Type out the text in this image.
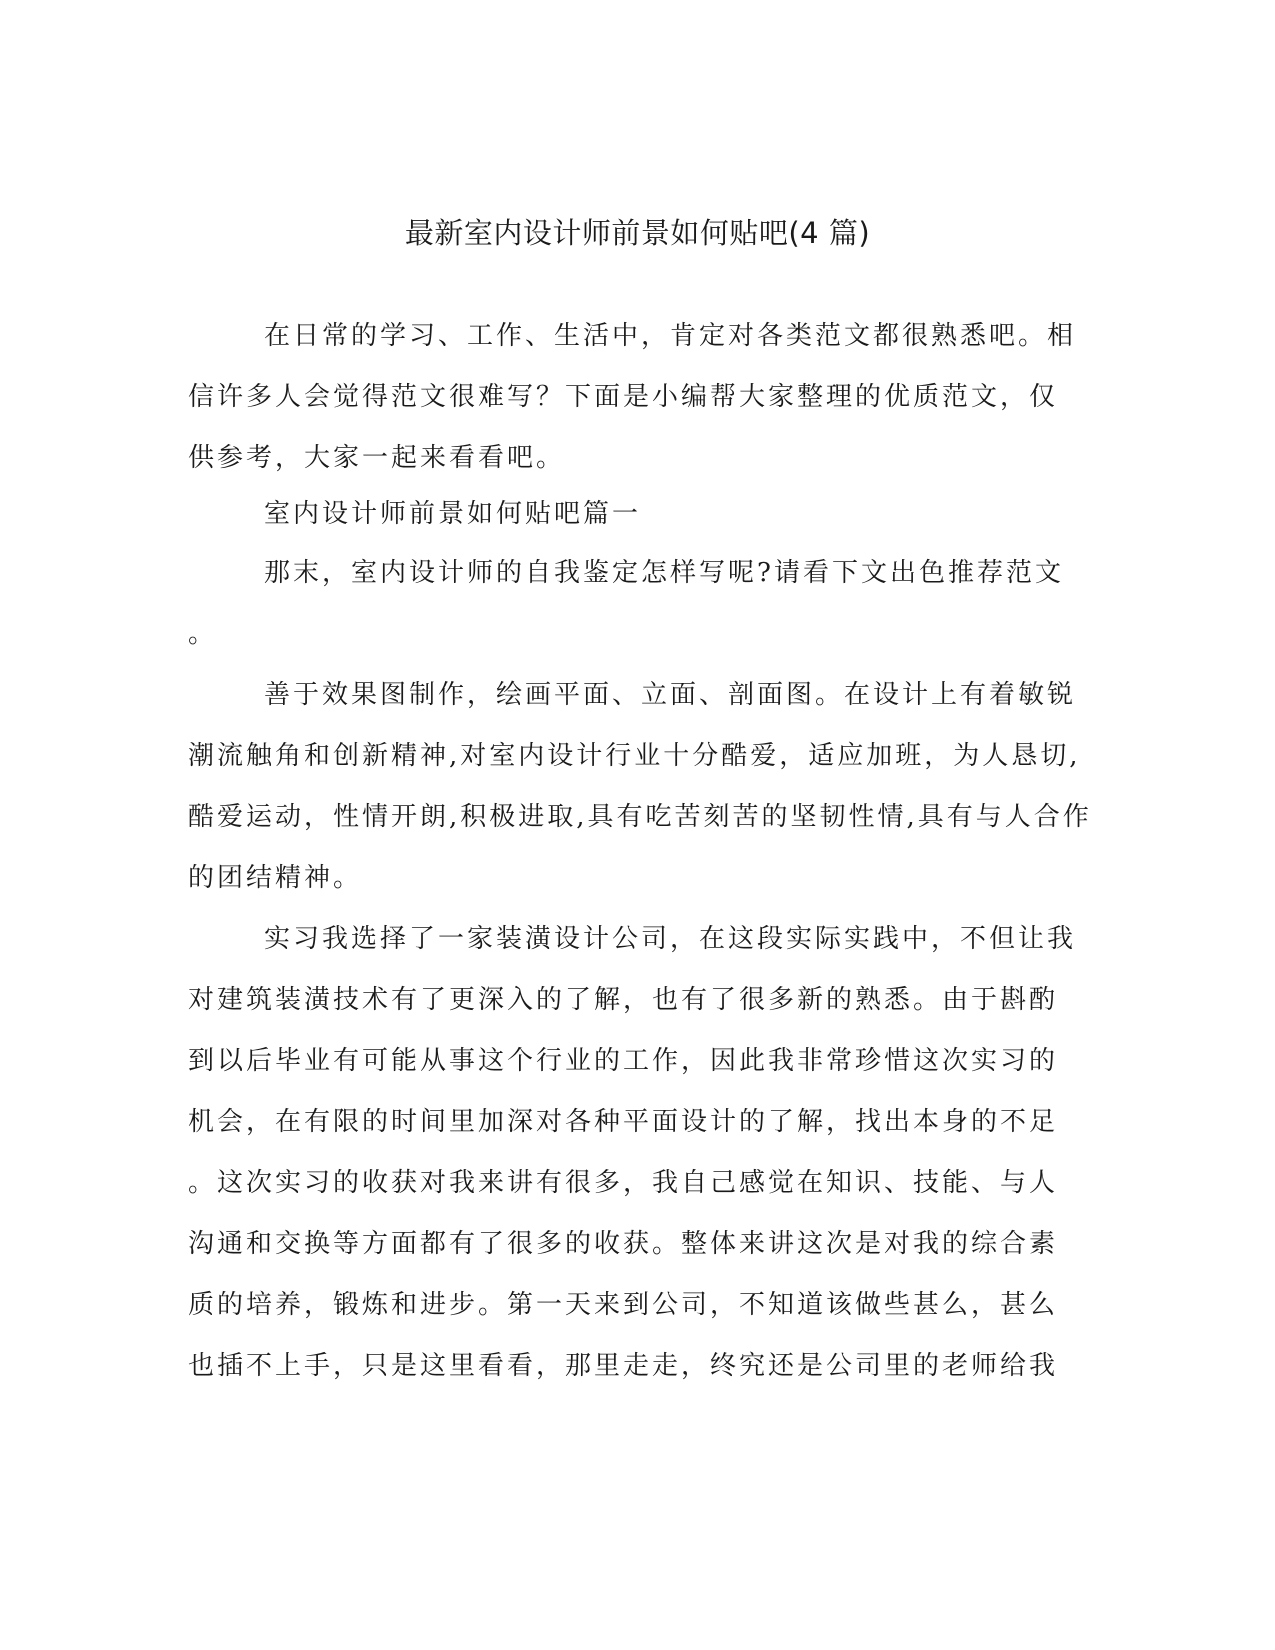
最新室内设计师前景如何贴吧(4 篇)
在日常的学习、工作、生活中，肯定对各类范文都很熟悉吧。相
信许多人会觉得范文很难写？下面是小编帮大家整理的优质范文，仅
供参考，大家一起来看看吧。
室内设计师前景如何贴吧篇一
那末，室内设计师的自我鉴定怎样写呢?请看下文出色推荐范文
。
善于效果图制作，绘画平面、立面、剖面图。在设计上有着敏锐
潮流触角和创新精神,对室内设计行业十分酷爱，适应加班，为人恳切,
酷爱运动，性情开朗,积极进取,具有吃苦刻苦的坚韧性情,具有与人合作
的团结精神。
实习我选择了一家装潢设计公司，在这段实际实践中，不但让我
对建筑装潢技术有了更深入的了解，也有了很多新的熟悉。由于斟酌
到以后毕业有可能从事这个行业的工作，因此我非常珍惜这次实习的
机会，在有限的时间里加深对各种平面设计的了解，找出本身的不足
。这次实习的收获对我来讲有很多，我自己感觉在知识、技能、与人
沟通和交换等方面都有了很多的收获。整体来讲这次是对我的综合素
质的培养，锻炼和进步。第一天来到公司，不知道该做些甚么，甚么
也插不上手，只是这里看看，那里走走，终究还是公司里的老师给我
